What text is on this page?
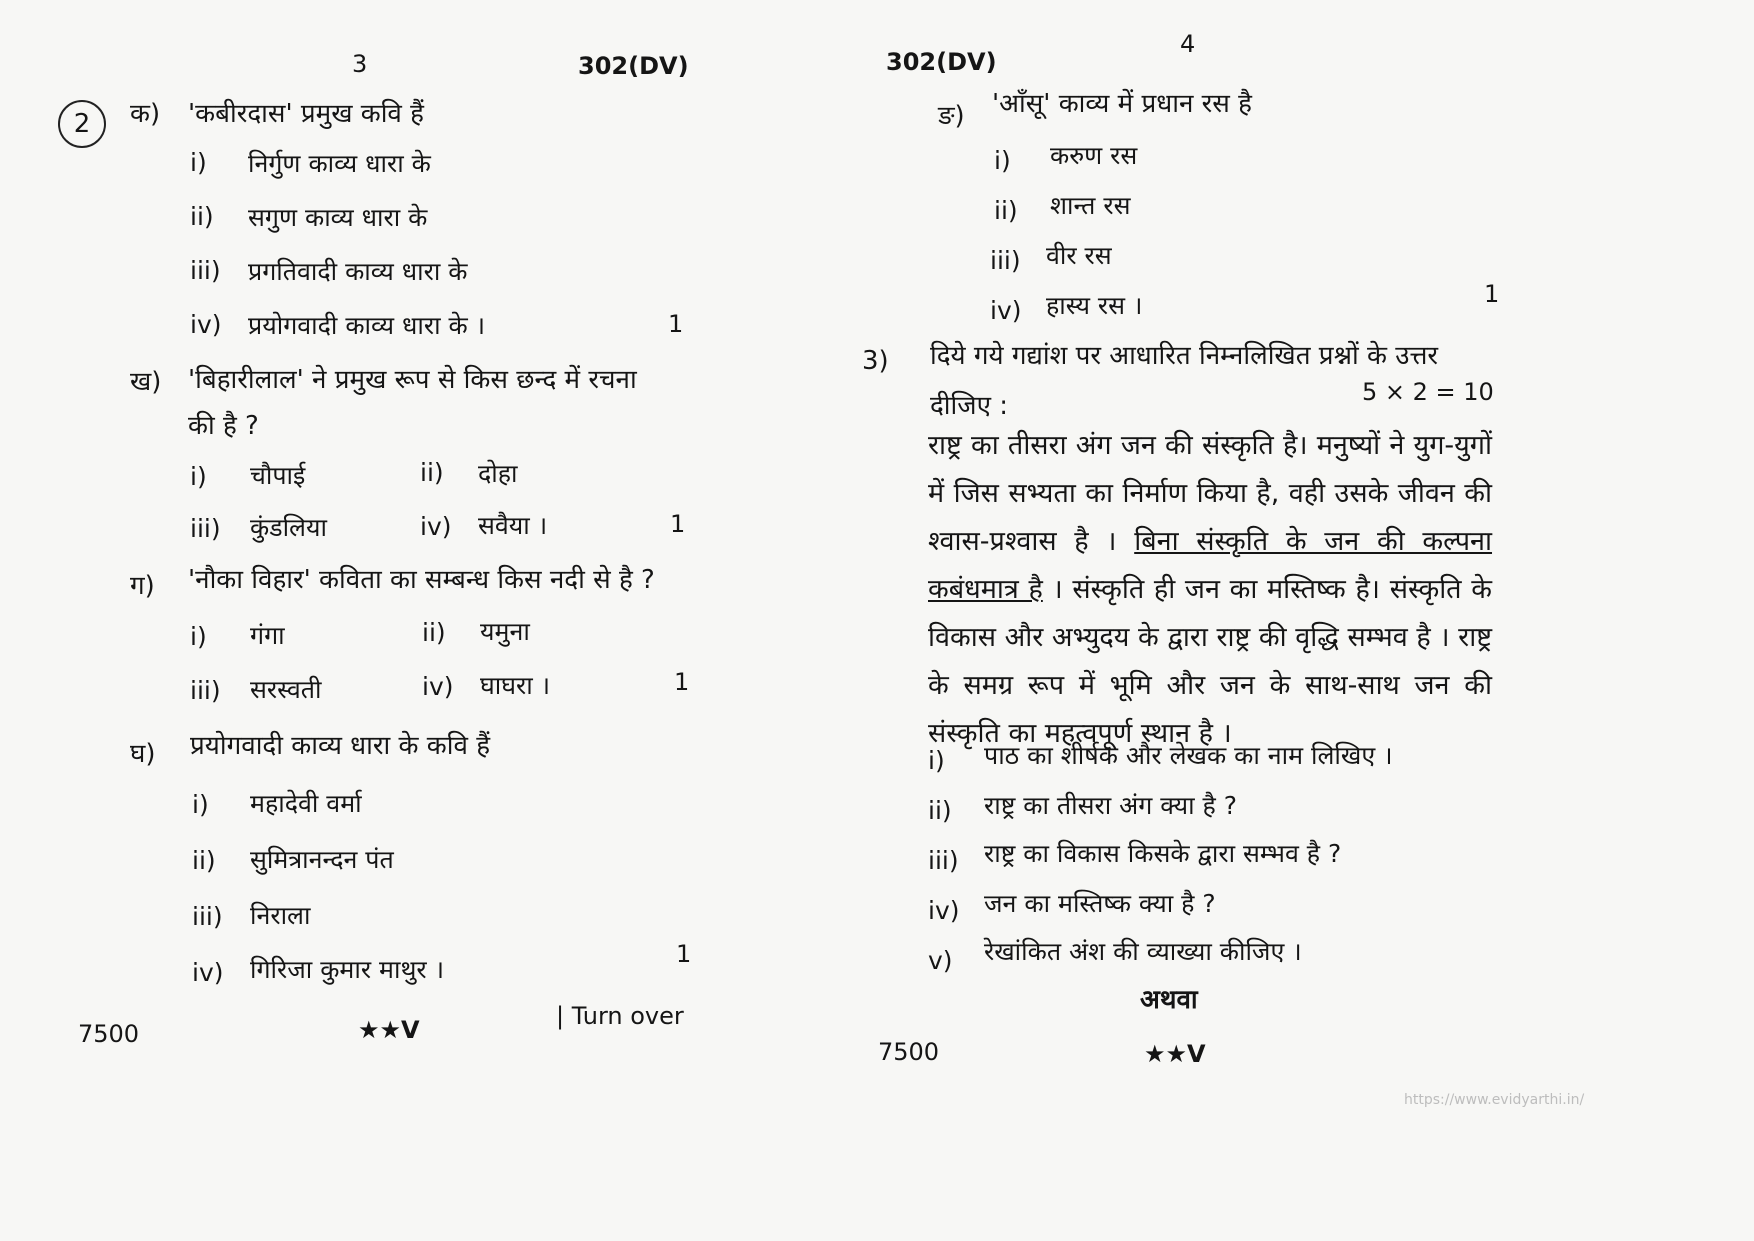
3	302(DV)
2	क) 'कबीरदास' प्रमुख कवि हैं
i) निर्गुण काव्य धारा के
ii) सगुण काव्य धारा के
iii) प्रगतिवादी काव्य धारा के
iv) प्रयोगवादी काव्य धारा के ।	1
ख) 'बिहारीलाल' ने प्रमुख रूप से किस छन्द में रचना
की है ?
i) चौपाई	ii) दोहा
iii) कुंडलिया	iv) सवैया ।	1
ग) 'नौका विहार' कविता का सम्बन्ध किस नदी से है ?
i) गंगा	ii) यमुना
iii) सरस्वती	iv) घाघरा ।	1
घ) प्रयोगवादी काव्य धारा के कवि हैं
i) महादेवी वर्मा
ii) सुमित्रानन्दन पंत
iii) निराला
iv) गिरिजा कुमार माथुर ।
1
7500	★★V	| Turn over
4
302(DV)
ङ) 'आँसू' काव्य में प्रधान रस है
i) करुण रस
ii) शान्त रस
iii) वीर रस
iv) हास्य रस ।	1
3) दिये गये गद्यांश पर आधारित निम्नलिखित प्रश्नों के उत्तर
दीजिए :	5 × 2 = 10
राष्ट्र का तीसरा अंग जन की संस्कृति है। मनुष्यों ने युग-युगों में जिस सभ्यता का निर्माण किया है, वही उसके जीवन की श्वास-प्रश्वास है । बिना संस्कृति के जन की कल्पना कबंधमात्र है । संस्कृति ही जन का मस्तिष्क है। संस्कृति के विकास और अभ्युदय के द्वारा राष्ट्र की वृद्धि सम्भव है । राष्ट्र के समग्र रूप में भूमि और जन के साथ-साथ जन की संस्कृति का महत्वपूर्ण स्थान है ।
i) पाठ का शीर्षक और लेखक का नाम लिखिए ।
ii) राष्ट्र का तीसरा अंग क्या है ?
iii) राष्ट्र का विकास किसके द्वारा सम्भव है ?
iv) जन का मस्तिष्क क्या है ?
v) रेखांकित अंश की व्याख्या कीजिए ।
अथवा
7500	★★V
https://www.evidyarthi.in/
